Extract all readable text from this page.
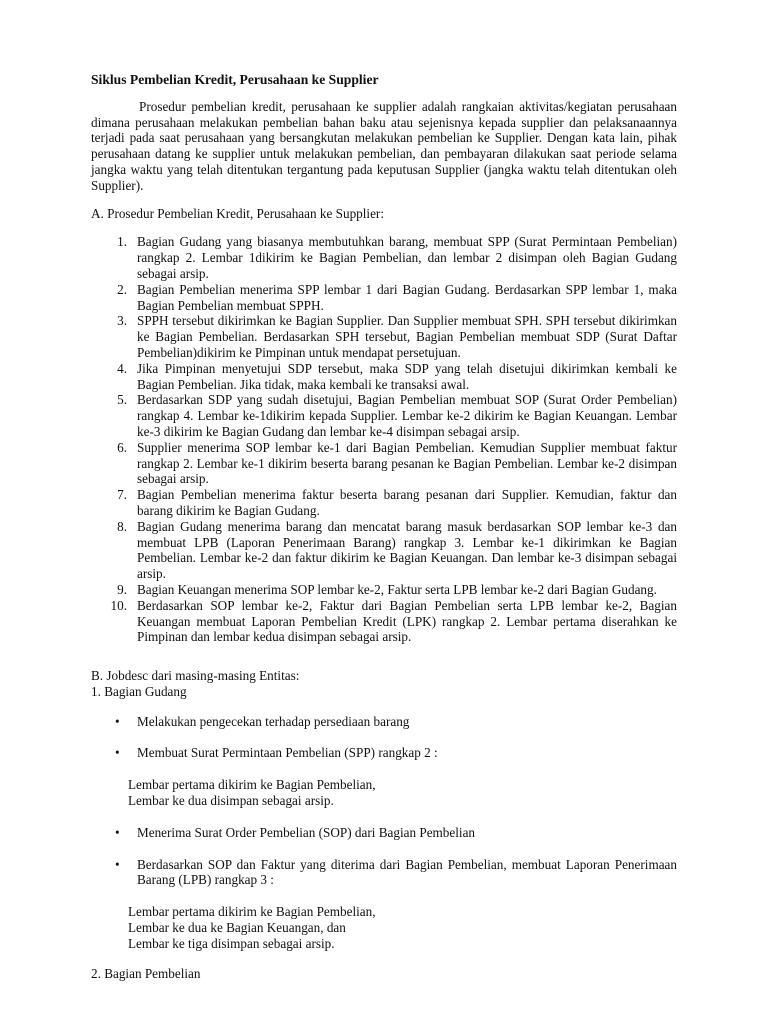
Siklus Pembelian Kredit, Perusahaan ke Supplier

Prosedur pembelian kredit, perusahaan ke supplier adalah rangkaian aktivitas/kegiatan perusahaan dimana perusahaan melakukan pembelian bahan baku atau sejenisnya kepada supplier dan pelaksanaannya terjadi pada saat perusahaan yang bersangkutan melakukan pembelian ke Supplier. Dengan kata lain, pihak perusahaan datang ke supplier untuk melakukan pembelian, dan pembayaran dilakukan saat periode selama jangka waktu yang telah ditentukan tergantung pada keputusan Supplier (jangka waktu telah ditentukan oleh Supplier).

A. Prosedur Pembelian Kredit, Perusahaan ke Supplier:
1. Bagian Gudang yang biasanya membutuhkan barang, membuat SPP (Surat Permintaan Pembelian) rangkap 2. Lembar 1dikirim ke Bagian Pembelian, dan lembar 2 disimpan oleh Bagian Gudang sebagai arsip.
2. Bagian Pembelian menerima SPP lembar 1 dari Bagian Gudang. Berdasarkan SPP lembar 1, maka Bagian Pembelian membuat SPPH.
3. SPPH tersebut dikirimkan ke Bagian Supplier. Dan Supplier membuat SPH. SPH tersebut dikirimkan ke Bagian Pembelian. Berdasarkan SPH tersebut, Bagian Pembelian membuat SDP (Surat Daftar Pembelian)dikirim ke Pimpinan untuk mendapat persetujuan.
4. Jika Pimpinan menyetujui SDP tersebut, maka SDP yang telah disetujui dikirimkan kembali ke Bagian Pembelian. Jika tidak, maka kembali ke transaksi awal.
5. Berdasarkan SDP yang sudah disetujui, Bagian Pembelian membuat SOP (Surat Order Pembelian) rangkap 4. Lembar ke-1dikirim kepada Supplier. Lembar ke-2 dikirim ke Bagian Keuangan. Lembar ke-3 dikirim ke Bagian Gudang dan lembar ke-4 disimpan sebagai arsip.
6. Supplier menerima SOP lembar ke-1 dari Bagian Pembelian. Kemudian Supplier membuat faktur rangkap 2. Lembar ke-1 dikirim beserta barang pesanan ke Bagian Pembelian. Lembar ke-2 disimpan sebagai arsip.
7. Bagian Pembelian menerima faktur beserta barang pesanan dari Supplier. Kemudian, faktur dan barang dikirim ke Bagian Gudang.
8. Bagian Gudang menerima barang dan mencatat barang masuk berdasarkan SOP lembar ke-3 dan membuat LPB (Laporan Penerimaan Barang) rangkap 3. Lembar ke-1 dikirimkan ke Bagian Pembelian. Lembar ke-2 dan faktur dikirim ke Bagian Keuangan. Dan lembar ke-3 disimpan sebagai arsip.
9. Bagian Keuangan menerima SOP lembar ke-2, Faktur serta LPB lembar ke-2 dari Bagian Gudang.
10. Berdasarkan SOP lembar ke-2, Faktur dari Bagian Pembelian serta LPB lembar ke-2, Bagian Keuangan membuat Laporan Pembelian Kredit (LPK) rangkap 2. Lembar pertama diserahkan ke Pimpinan dan lembar kedua disimpan sebagai arsip.
B. Jobdesc dari masing-masing Entitas:
1. Bagian Gudang
• Melakukan pengecekan terhadap persediaan barang
• Membuat Surat Permintaan Pembelian (SPP) rangkap 2 :
Lembar pertama dikirim ke Bagian Pembelian,
Lembar ke dua disimpan sebagai arsip.
• Menerima Surat Order Pembelian (SOP) dari Bagian Pembelian
• Berdasarkan SOP dan Faktur yang diterima dari Bagian Pembelian, membuat Laporan Penerimaan Barang (LPB) rangkap 3 :
Lembar pertama dikirim ke Bagian Pembelian,
Lembar ke dua ke Bagian Keuangan, dan
Lembar ke tiga disimpan sebagai arsip.
2. Bagian Pembelian
